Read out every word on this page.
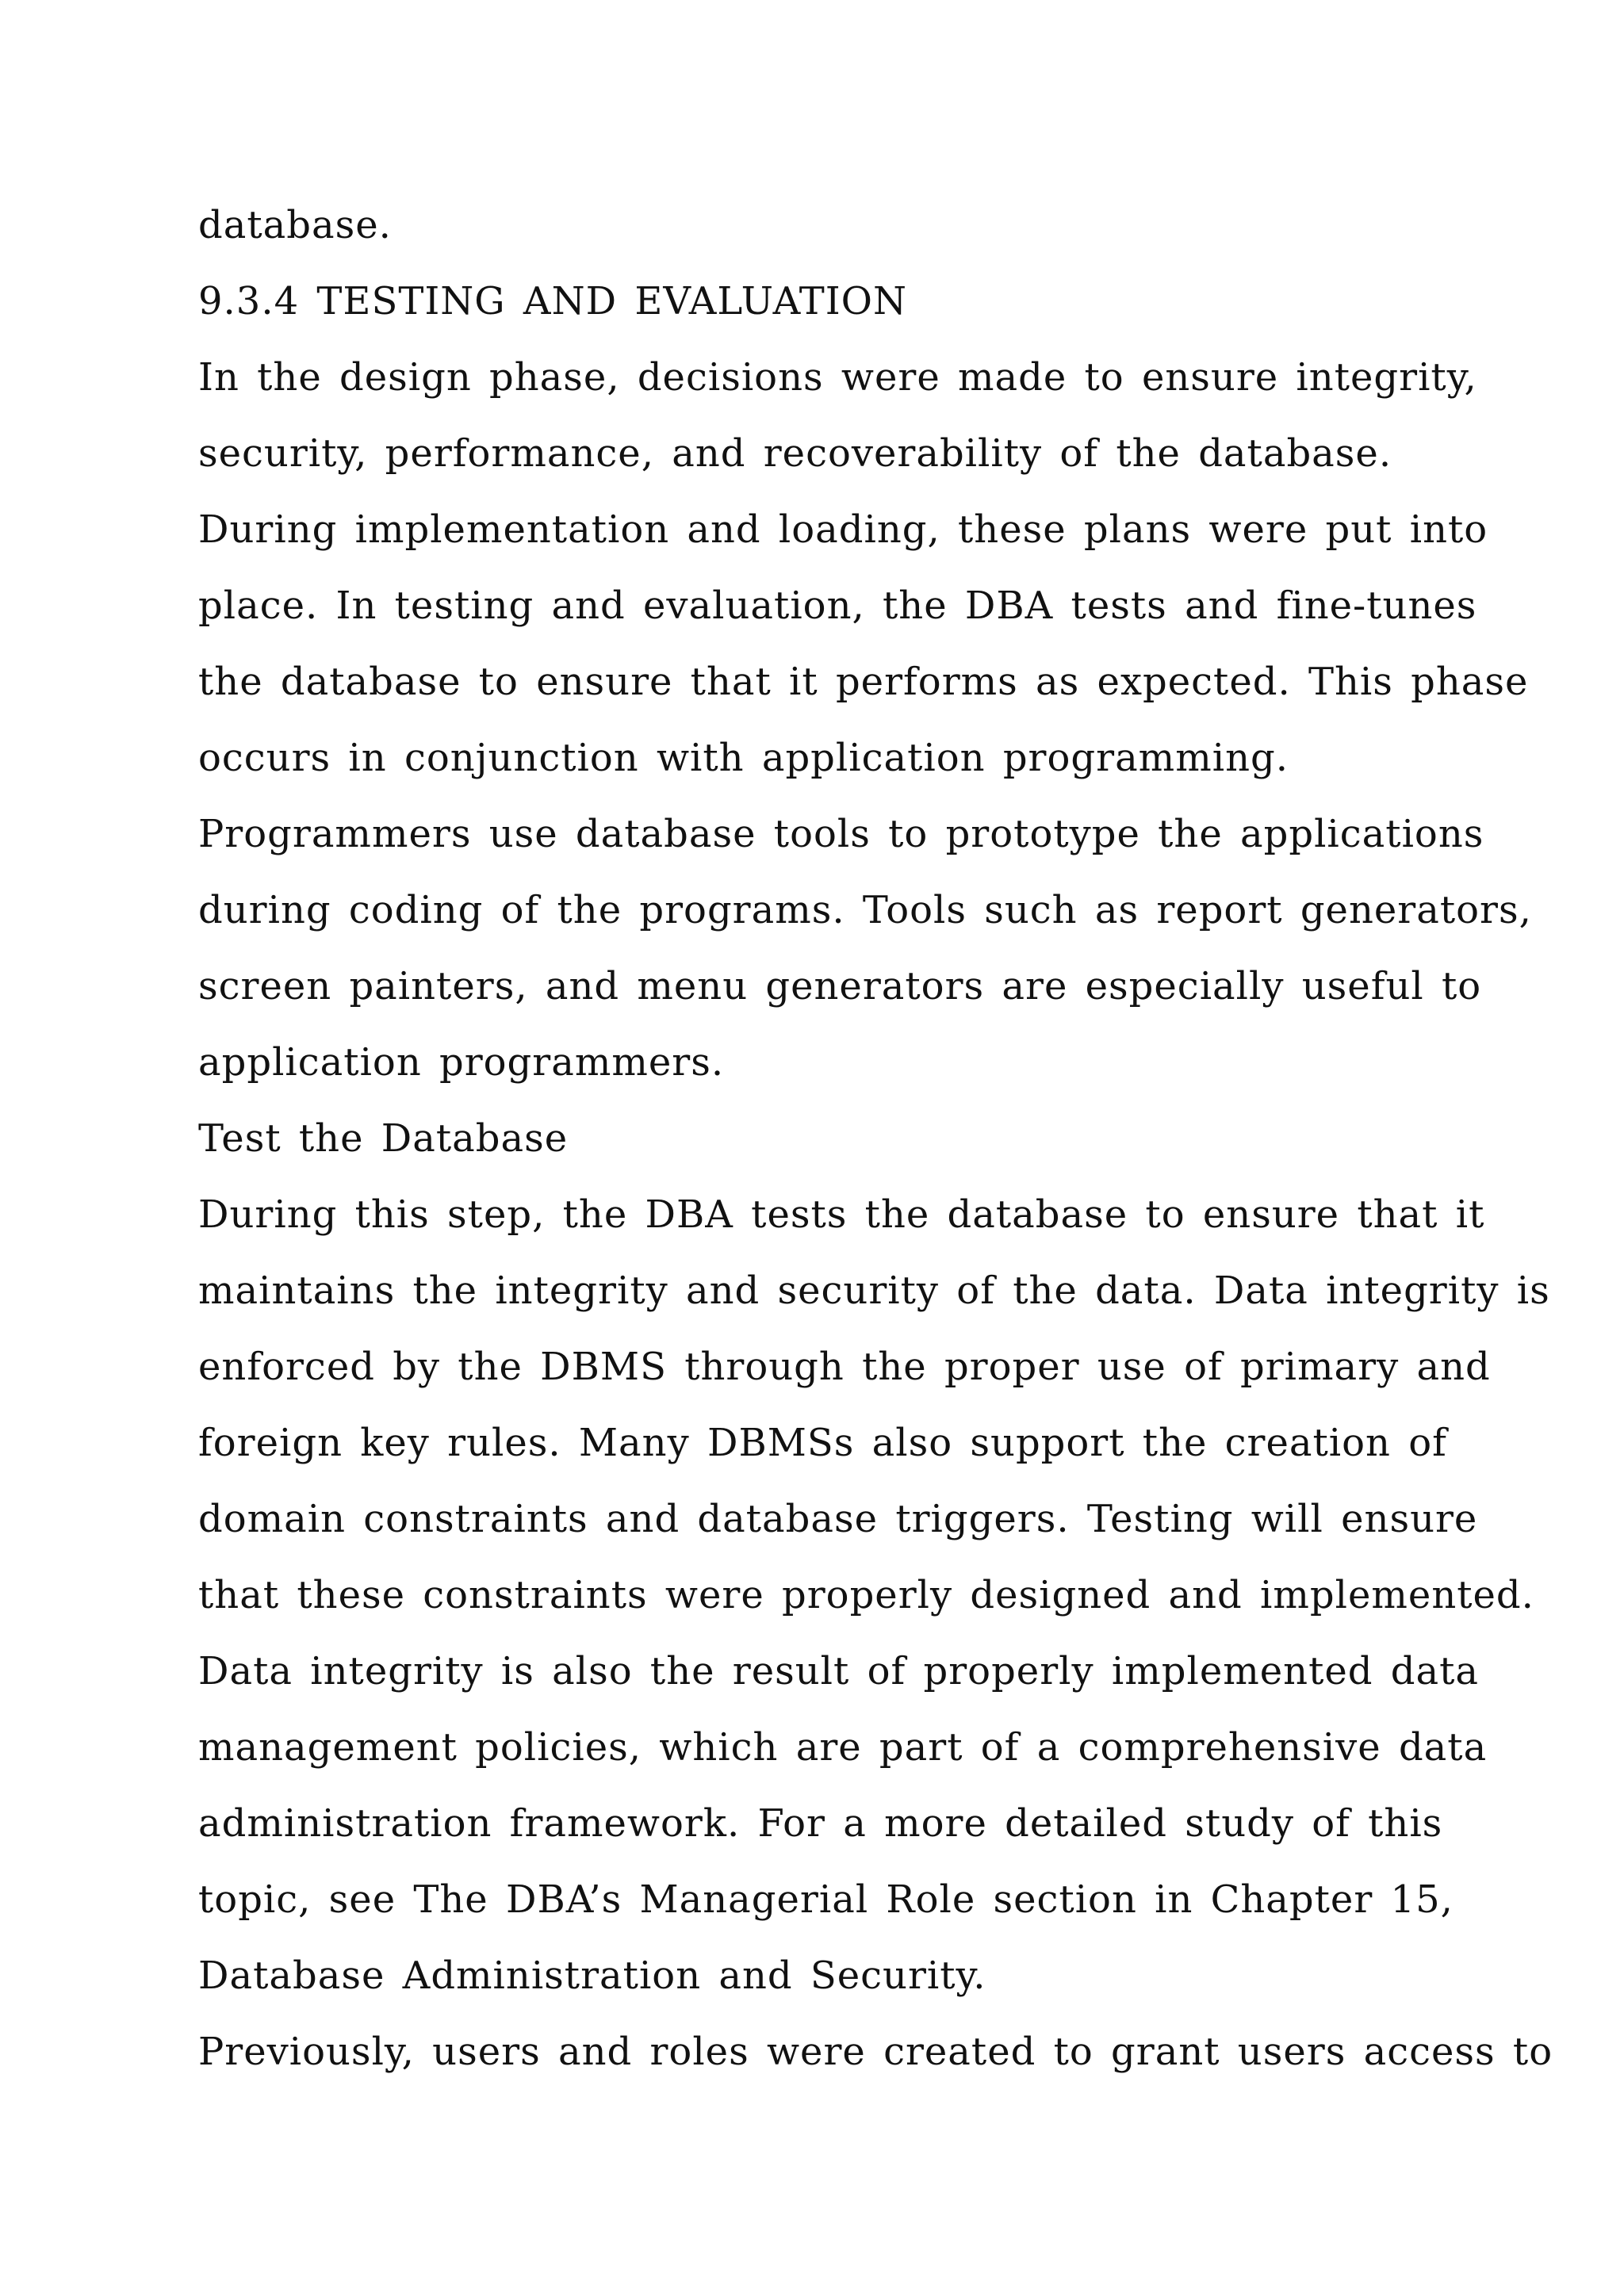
database.
9.3.4 TESTING AND EVALUATION
In the design phase, decisions were made to ensure integrity,
security, performance, and recoverability of the database.
During implementation and loading, these plans were put into
place. In testing and evaluation, the DBA tests and fine-tunes
the database to ensure that it performs as expected. This phase
occurs in conjunction with application programming.
Programmers use database tools to prototype the applications
during coding of the programs. Tools such as report generators,
screen painters, and menu generators are especially useful to
application programmers.
Test the Database
During this step, the DBA tests the database to ensure that it
maintains the integrity and security of the data. Data integrity is
enforced by the DBMS through the proper use of primary and
foreign key rules. Many DBMSs also support the creation of
domain constraints and database triggers. Testing will ensure
that these constraints were properly designed and implemented.
Data integrity is also the result of properly implemented data
management policies, which are part of a comprehensive data
administration framework. For a more detailed study of this
topic, see The DBA’s Managerial Role section in Chapter 15,
Database Administration and Security.
Previously, users and roles were created to grant users access to
